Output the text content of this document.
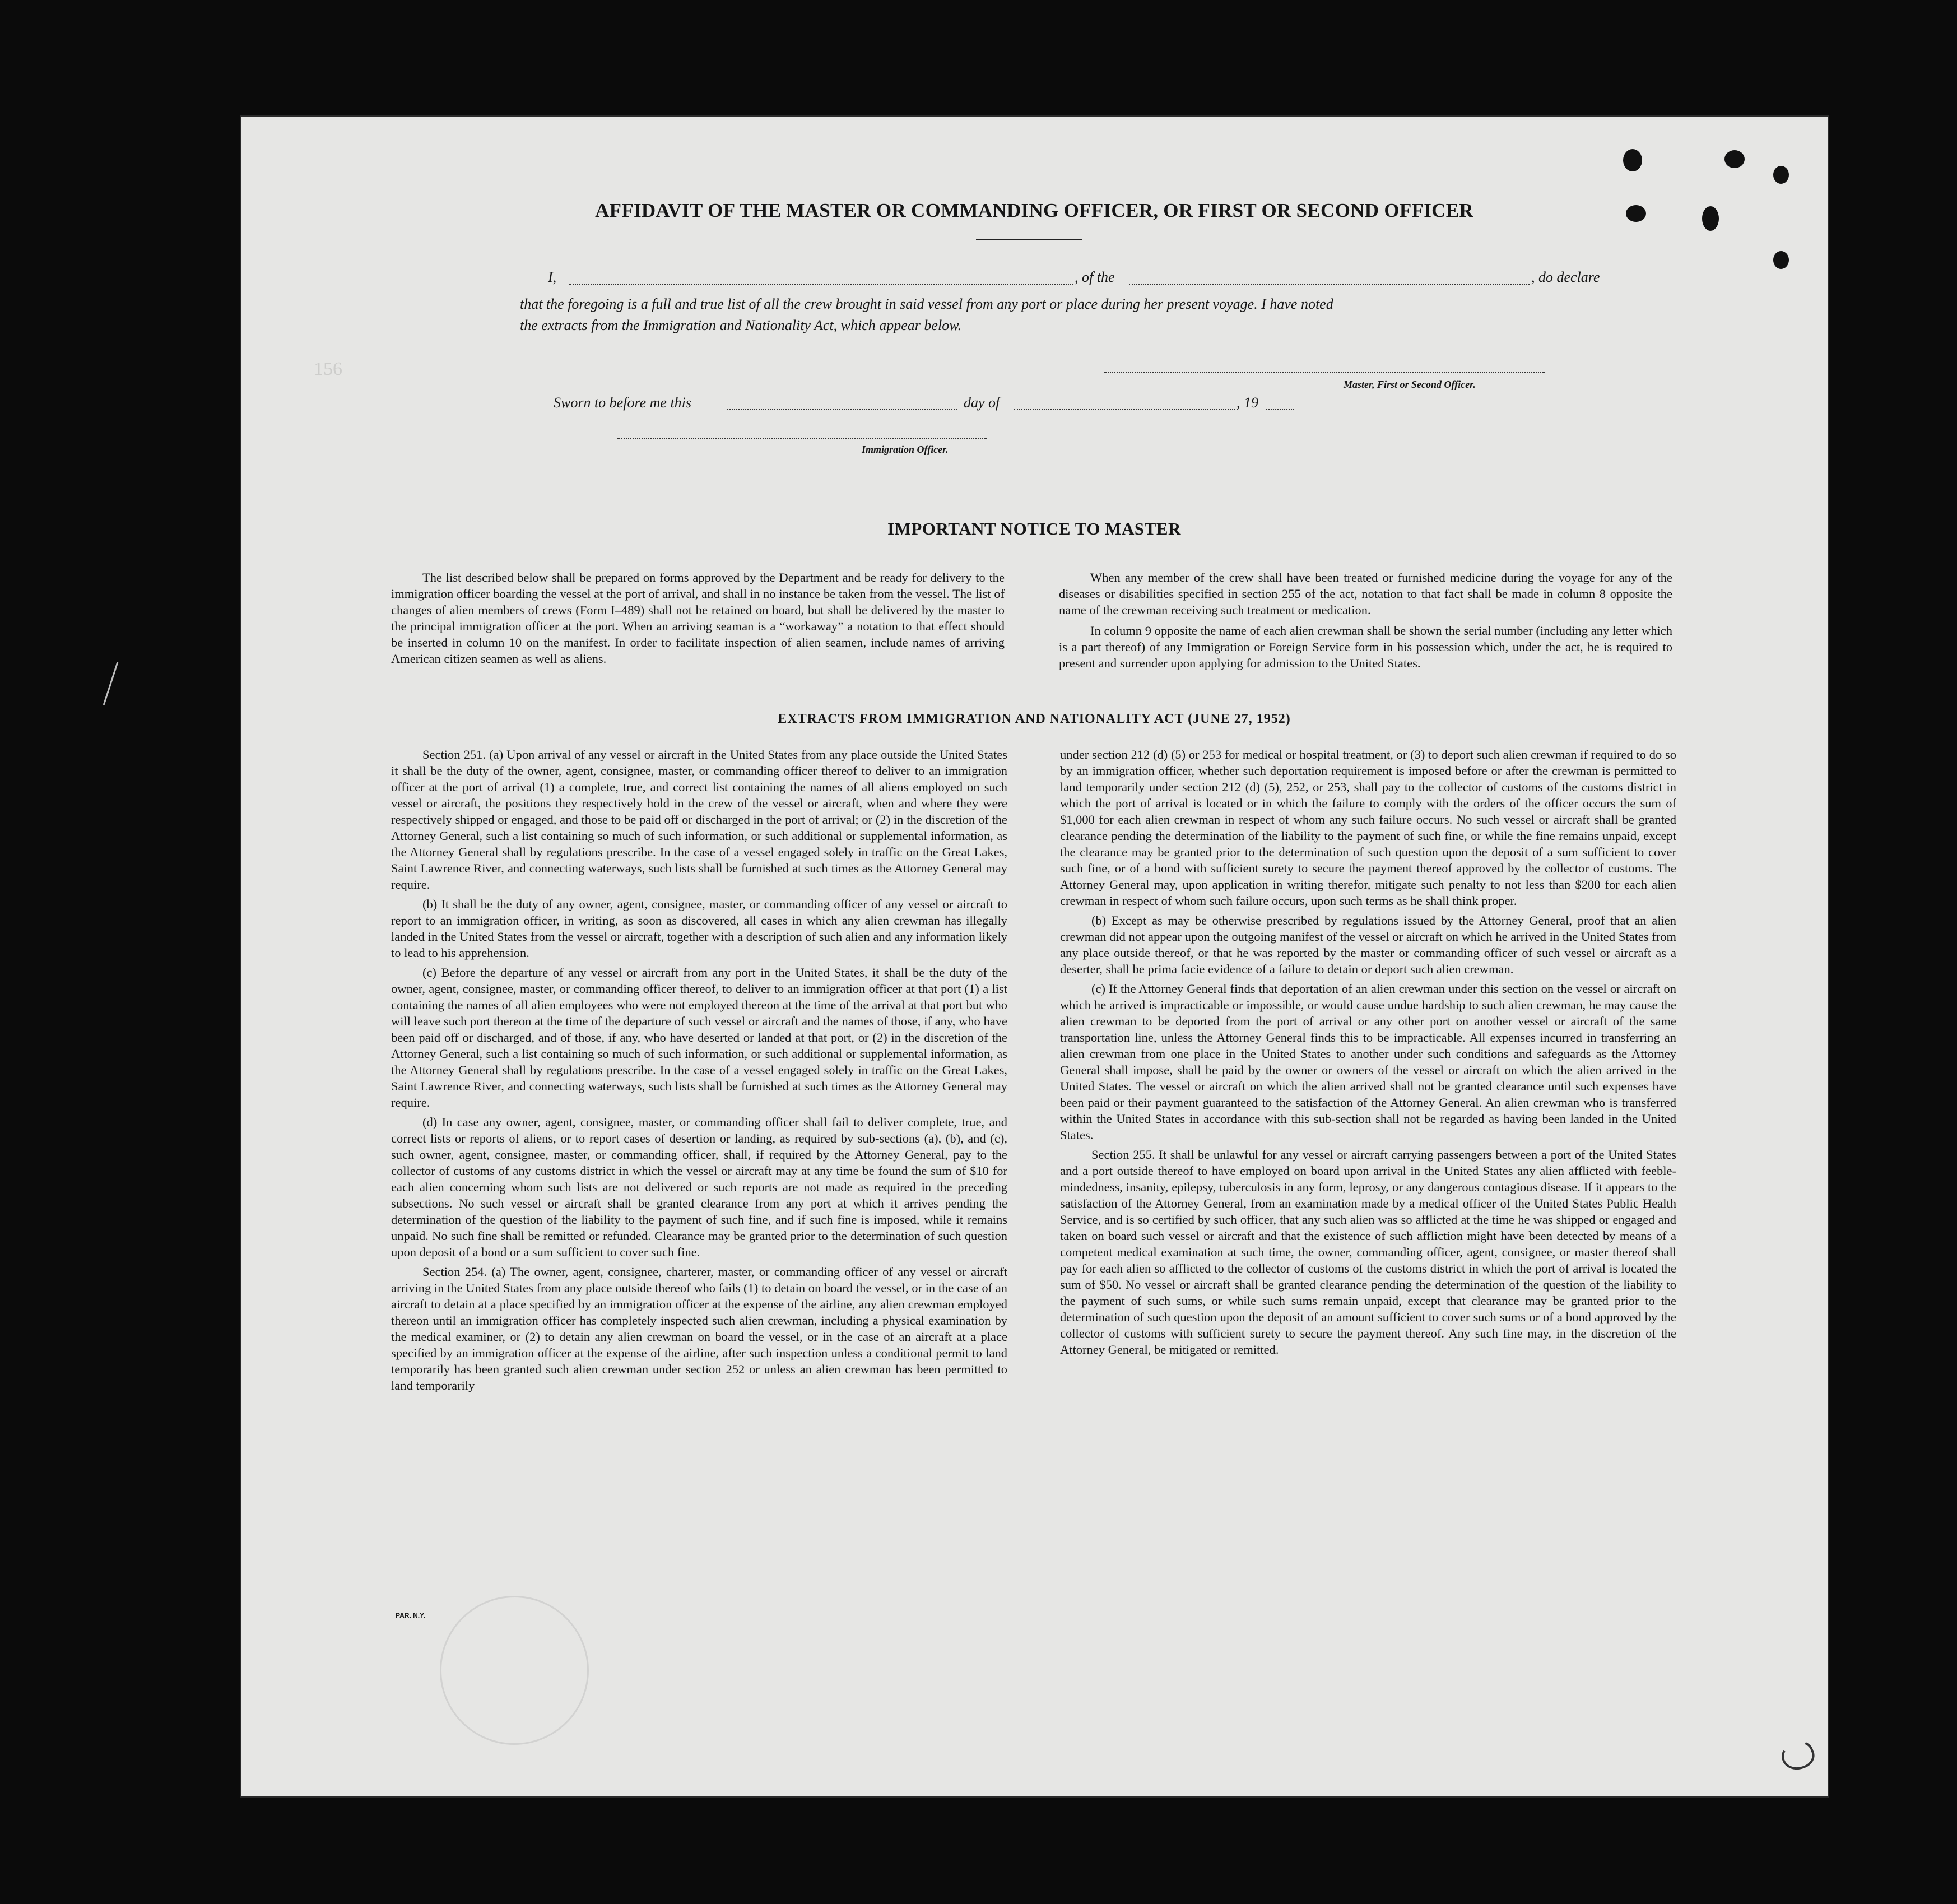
156
AFFIDAVIT OF THE MASTER OR COMMANDING OFFICER, OR FIRST OR SECOND OFFICER
I,	, of the	, do declare
that the foregoing is a full and true list of all the crew brought in said vessel from any port or place during her present voyage. I have noted
the extracts from the Immigration and Nationality Act, which appear below.
Master, First or Second Officer.
Sworn to before me this	day of	, 19
Immigration Officer.
IMPORTANT NOTICE TO MASTER

The list described below shall be prepared on forms approved by the Department and be ready for delivery to the immigration officer boarding the vessel at the port of arrival, and shall in no instance be taken from the vessel. The list of changes of alien members of crews (Form I–489) shall not be retained on board, but shall be delivered by the master to the principal immigration officer at the port. When an arriving seaman is a “workaway” a notation to that effect should be inserted in column 10 on the manifest. In order to facilitate inspection of alien seamen, include names of arriving American citizen seamen as well as aliens.

When any member of the crew shall have been treated or furnished medicine during the voyage for any of the diseases or disabilities specified in section 255 of the act, notation to that fact shall be made in column 8 opposite the name of the crewman receiving such treatment or medication.

In column 9 opposite the name of each alien crewman shall be shown the serial number (including any letter which is a part thereof) of any Immigration or Foreign Service form in his possession which, under the act, he is required to present and surrender upon applying for admission to the United States.

EXTRACTS FROM IMMIGRATION AND NATIONALITY ACT (JUNE 27, 1952)

Section 251. (a) Upon arrival of any vessel or aircraft in the United States from any place outside the United States it shall be the duty of the owner, agent, consignee, master, or commanding officer thereof to deliver to an immigration officer at the port of arrival (1) a complete, true, and correct list containing the names of all aliens employed on such vessel or aircraft, the positions they respectively hold in the crew of the vessel or aircraft, when and where they were respectively shipped or engaged, and those to be paid off or discharged in the port of arrival; or (2) in the discretion of the Attorney General, such a list containing so much of such information, or such additional or supplemental information, as the Attorney General shall by regulations prescribe. In the case of a vessel engaged solely in traffic on the Great Lakes, Saint Lawrence River, and connecting waterways, such lists shall be furnished at such times as the Attorney General may require.

(b) It shall be the duty of any owner, agent, consignee, master, or commanding officer of any vessel or aircraft to report to an immigration officer, in writing, as soon as discovered, all cases in which any alien crewman has illegally landed in the United States from the vessel or aircraft, together with a description of such alien and any information likely to lead to his apprehension.

(c) Before the departure of any vessel or aircraft from any port in the United States, it shall be the duty of the owner, agent, consignee, master, or commanding officer thereof, to deliver to an immigration officer at that port (1) a list containing the names of all alien employees who were not employed thereon at the time of the arrival at that port but who will leave such port thereon at the time of the departure of such vessel or aircraft and the names of those, if any, who have been paid off or discharged, and of those, if any, who have deserted or landed at that port, or (2) in the discretion of the Attorney General, such a list containing so much of such information, or such additional or supplemental information, as the Attorney General shall by regulations prescribe. In the case of a vessel engaged solely in traffic on the Great Lakes, Saint Lawrence River, and connecting waterways, such lists shall be furnished at such times as the Attorney General may require.

(d) In case any owner, agent, consignee, master, or commanding officer shall fail to deliver complete, true, and correct lists or reports of aliens, or to report cases of desertion or landing, as required by sub-sections (a), (b), and (c), such owner, agent, consignee, master, or commanding officer, shall, if required by the Attorney General, pay to the collector of customs of any customs district in which the vessel or aircraft may at any time be found the sum of $10 for each alien concerning whom such lists are not delivered or such reports are not made as required in the preceding subsections. No such vessel or aircraft shall be granted clearance from any port at which it arrives pending the determination of the question of the liability to the payment of such fine, and if such fine is imposed, while it remains unpaid. No such fine shall be remitted or refunded. Clearance may be granted prior to the determination of such question upon deposit of a bond or a sum sufficient to cover such fine.

Section 254. (a) The owner, agent, consignee, charterer, master, or commanding officer of any vessel or aircraft arriving in the United States from any place outside thereof who fails (1) to detain on board the vessel, or in the case of an aircraft to detain at a place specified by an immigration officer at the expense of the airline, any alien crewman employed thereon until an immigration officer has completely inspected such alien crewman, including a physical examination by the medical examiner, or (2) to detain any alien crewman on board the vessel, or in the case of an aircraft at a place specified by an immigration officer at the expense of the airline, after such inspection unless a conditional permit to land temporarily has been granted such alien crewman under section 252 or unless an alien crewman has been permitted to land temporarily

under section 212 (d) (5) or 253 for medical or hospital treatment, or (3) to deport such alien crewman if required to do so by an immigration officer, whether such deportation requirement is imposed before or after the crewman is permitted to land temporarily under section 212 (d) (5), 252, or 253, shall pay to the collector of customs of the customs district in which the port of arrival is located or in which the failure to comply with the orders of the officer occurs the sum of $1,000 for each alien crewman in respect of whom any such failure occurs. No such vessel or aircraft shall be granted clearance pending the determination of the liability to the payment of such fine, or while the fine remains unpaid, except the clearance may be granted prior to the determination of such question upon the deposit of a sum sufficient to cover such fine, or of a bond with sufficient surety to secure the payment thereof approved by the collector of customs. The Attorney General may, upon application in writing therefor, mitigate such penalty to not less than $200 for each alien crewman in respect of whom such failure occurs, upon such terms as he shall think proper.

(b) Except as may be otherwise prescribed by regulations issued by the Attorney General, proof that an alien crewman did not appear upon the outgoing manifest of the vessel or aircraft on which he arrived in the United States from any place outside thereof, or that he was reported by the master or commanding officer of such vessel or aircraft as a deserter, shall be prima facie evidence of a failure to detain or deport such alien crewman.

(c) If the Attorney General finds that deportation of an alien crewman under this section on the vessel or aircraft on which he arrived is impracticable or impossible, or would cause undue hardship to such alien crewman, he may cause the alien crewman to be deported from the port of arrival or any other port on another vessel or aircraft of the same transportation line, unless the Attorney General finds this to be impracticable. All expenses incurred in transferring an alien crewman from one place in the United States to another under such conditions and safeguards as the Attorney General shall impose, shall be paid by the owner or owners of the vessel or aircraft on which the alien arrived in the United States. The vessel or aircraft on which the alien arrived shall not be granted clearance until such expenses have been paid or their payment guaranteed to the satisfaction of the Attorney General. An alien crewman who is transferred within the United States in accordance with this sub-section shall not be regarded as having been landed in the United States.

Section 255. It shall be unlawful for any vessel or aircraft carrying passengers between a port of the United States and a port outside thereof to have employed on board upon arrival in the United States any alien afflicted with feeble-mindedness, insanity, epilepsy, tuberculosis in any form, leprosy, or any dangerous contagious disease. If it appears to the satisfaction of the Attorney General, from an examination made by a medical officer of the United States Public Health Service, and is so certified by such officer, that any such alien was so afflicted at the time he was shipped or engaged and taken on board such vessel or aircraft and that the existence of such affliction might have been detected by means of a competent medical examination at such time, the owner, commanding officer, agent, consignee, or master thereof shall pay for each alien so afflicted to the collector of customs of the customs district in which the port of arrival is located the sum of $50. No vessel or aircraft shall be granted clearance pending the determination of the question of the liability to the payment of such sums, or while such sums remain unpaid, except that clearance may be granted prior to the determination of such question upon the deposit of an amount sufficient to cover such sums or of a bond approved by the collector of customs with sufficient surety to secure the payment thereof. Any such fine may, in the discretion of the Attorney General, be mitigated or remitted.

PAR. N.Y.
